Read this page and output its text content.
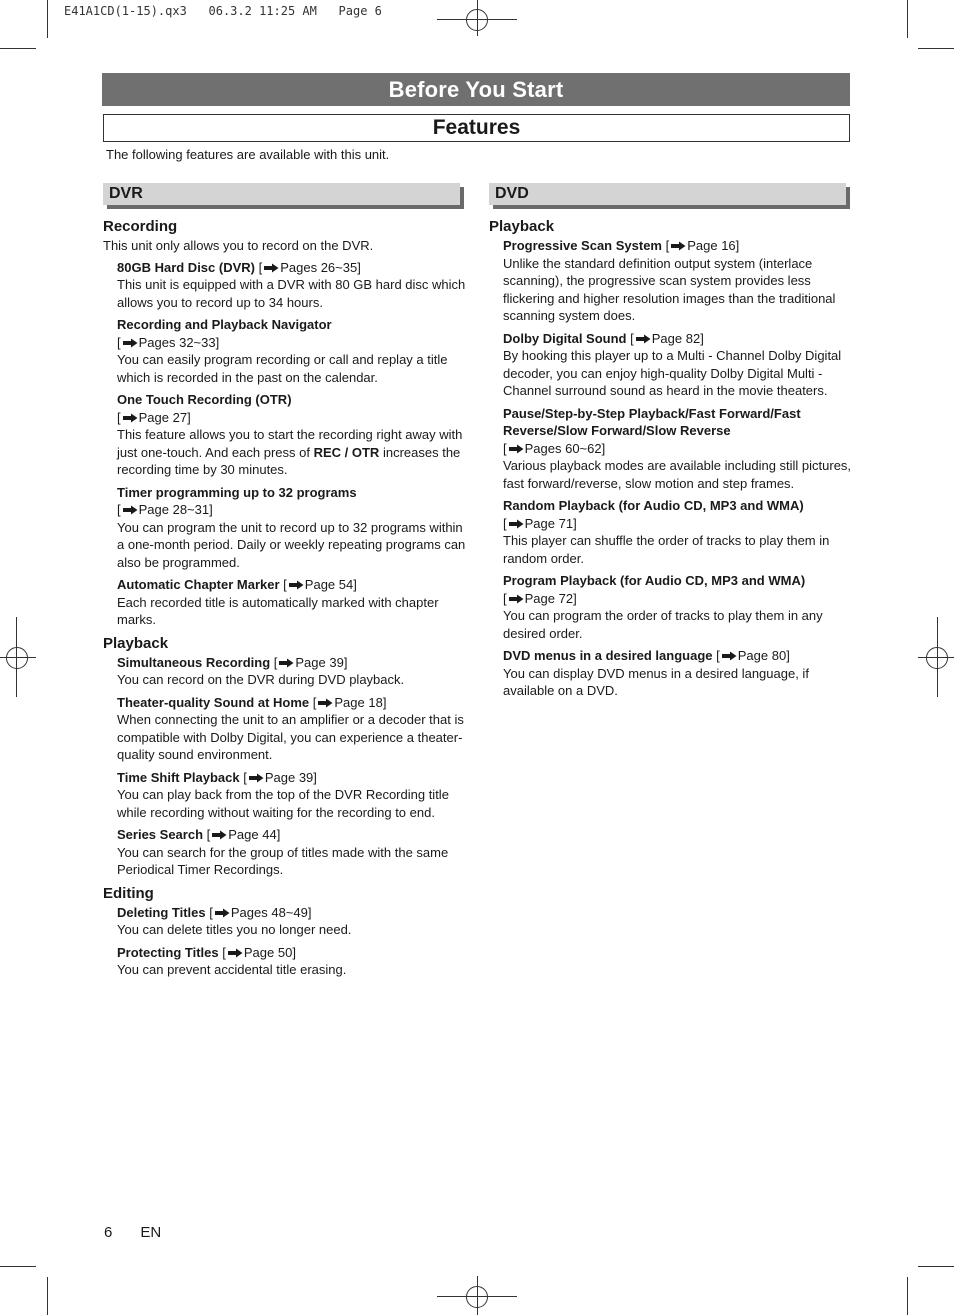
E41A1CD(1-15).qx3   06.3.2 11:25 AM   Page 6
Before You Start
Features
The following features are available with this unit.
DVR	DVD
Recording
This unit only allows you to record on the DVR.
80GB Hard Disc (DVR) [ Pages 26~35]
This unit is equipped with a DVR with 80 GB hard disc which allows you to record up to 34 hours.
Recording and Playback Navigator
[ Pages 32~33]
You can easily program recording or call and replay a title which is recorded in the past on the calendar.
One Touch Recording (OTR)
[ Page 27]
This feature allows you to start the recording right away with just one-touch. And each press of REC / OTR increases the recording time by 30 minutes.
Timer programming up to 32 programs
[ Page 28~31]
You can program the unit to record up to 32 programs within a one-month period. Daily or weekly repeating programs can also be programmed.
Automatic Chapter Marker [ Page 54]
Each recorded title is automatically marked with chapter marks.
Playback
Simultaneous Recording [ Page 39]
You can record on the DVR during DVD playback.
Theater-quality Sound at Home [ Page 18]
When connecting the unit to an amplifier or a decoder that is compatible with Dolby Digital, you can experience a theater-quality sound environment.
Time Shift Playback [ Page 39]
You can play back from the top of the DVR Recording title while recording without waiting for the recording to end.
Series Search [ Page 44]
You can search for the group of titles made with the same Periodical Timer Recordings.
Editing
Deleting Titles [ Pages 48~49]
You can delete titles you no longer need.
Protecting Titles [ Page 50]
You can prevent accidental title erasing.
Playback
Progressive Scan System [ Page 16]
Unlike the standard definition output system (interlace scanning), the progressive scan system provides less flickering and higher resolution images than the traditional scanning system does.
Dolby Digital Sound [ Page 82]
By hooking this player up to a Multi - Channel Dolby Digital decoder, you can enjoy high-quality Dolby Digital Multi - Channel surround sound as heard in the movie theaters.
Pause/Step-by-Step Playback/Fast Forward/Fast Reverse/Slow Forward/Slow Reverse
[ Pages 60~62]
Various playback modes are available including still pictures, fast forward/reverse, slow motion and step frames.
Random Playback (for Audio CD, MP3 and WMA)
[ Page 71]
This player can shuffle the order of tracks to play them in random order.
Program Playback (for Audio CD, MP3 and WMA)
[ Page 72]
You can program the order of tracks to play them in any desired order.
DVD menus in a desired language [ Page 80]
You can display DVD menus in a desired language, if available on a DVD.
6 EN
